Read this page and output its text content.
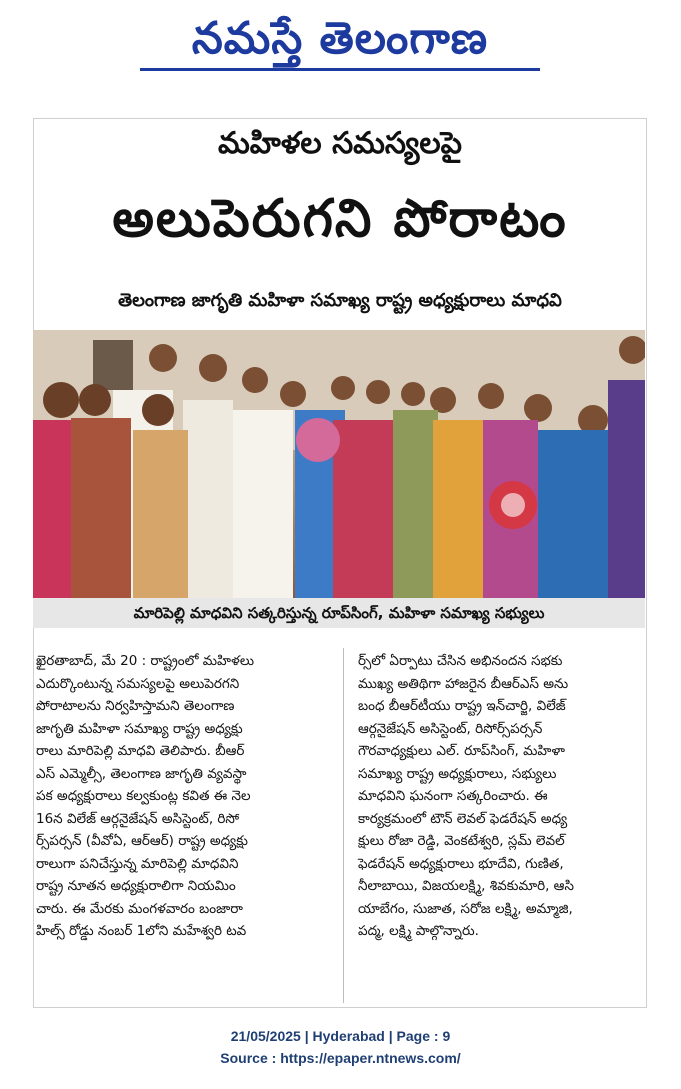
నమస్తే తెలంగాణ
మహిళల సమస్యలపై
అలుపెరుగని పోరాటం
తెలంగాణ జాగృతి మహిళా సమాఖ్య రాష్ట్ర అధ్యక్షురాలు మాధవి
మారిపెల్లి మాధవిని సత్కరిస్తున్న రూప్‌సింగ్, మహిళా సమాఖ్య సభ్యులు

ఖైరతాబాద్, మే 20 : రాష్ట్రంలో మహిళలు

ఎదుర్కొంటున్న సమస్యలపై అలుపెరగని

పోరాటాలను నిర్వహిస్తామని తెలంగాణ

జాగృతి మహిళా సమాఖ్య రాష్ట్ర అధ్యక్షు

రాలు మారిపెల్లి మాధవి తెలిపారు. బీఆర్

ఎస్ ఎమ్మెల్సీ, తెలంగాణ జాగృతి వ్యవస్థా

పక అధ్యక్షురాలు కల్వకుంట్ల కవిత ఈ నెల

16న విలేజ్ ఆర్గనైజేషన్ అసిస్టెంట్, రిసో

ర్స్‌పర్సన్ (వీవోఏ, ఆర్‌ఆర్) రాష్ట్ర అధ్యక్షు

రాలుగా పనిచేస్తున్న మారిపెల్లి మాధవిని

రాష్ట్ర నూతన అధ్యక్షురాలిగా నియమిం

చారు. ఈ మేరకు మంగళవారం బంజారా

హిల్స్ రోడ్డు నంబర్ 1లోని మహేశ్వరి టవ

ర్స్‌లో ఏర్పాటు చేసిన అభినందన సభకు

ముఖ్య అతిథిగా హాజరైన బీఆర్‌ఎస్ అను

బంధ బీఆర్‌టీయు రాష్ట్ర ఇన్‌చార్జి, విలేజ్

ఆర్గనైజేషన్ అసిస్టెంట్, రిసోర్స్‌పర్సన్

గౌరవాధ్యక్షులు ఎల్. రూప్‌సింగ్, మహిళా

సమాఖ్య రాష్ట్ర అధ్యక్షురాలు, సభ్యులు

మాధవిని ఘనంగా సత్కరించారు. ఈ

కార్యక్రమంలో టౌన్ లెవల్ ఫెడరేషన్ అధ్య

క్షులు రోజా రెడ్డి, వెంకటేశ్వరి, స్లమ్ లెవల్

ఫెడరేషన్ అధ్యక్షురాలు భూదేవి, గుణిత,

నీలాబాయి, విజయలక్ష్మి, శివకుమారి, ఆసి

యాబేగం, సుజాత, సరోజ లక్ష్మి, అమ్మాజి,

పద్మ, లక్ష్మి పాల్గొన్నారు.

21/05/2025 | Hyderabad | Page : 9
Source : https://epaper.ntnews.com/
